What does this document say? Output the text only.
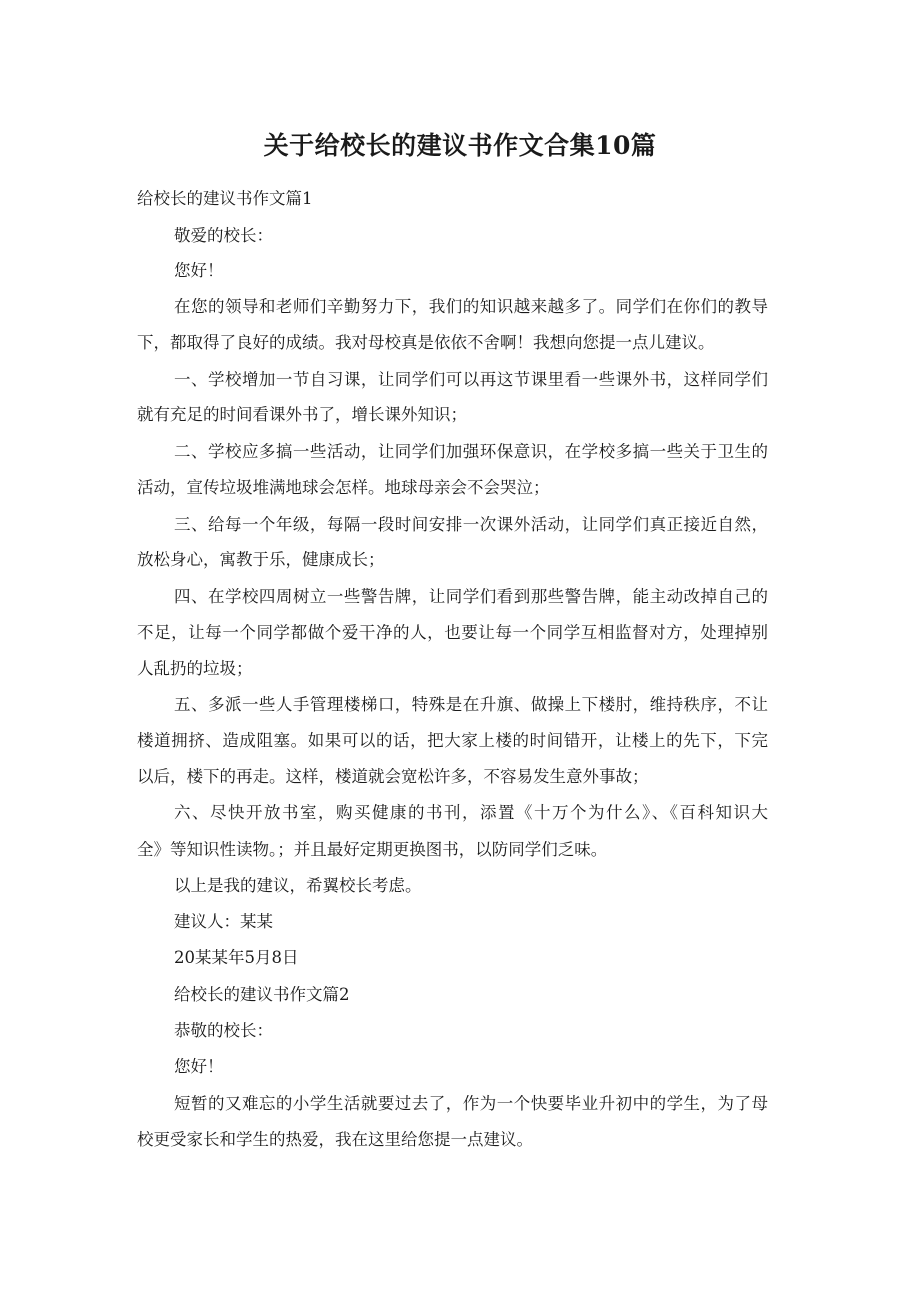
关于给校长的建议书作文合集10篇
给校长的建议书作文篇1
敬爱的校长：
您好！
在您的领导和老师们辛勤努力下，我们的知识越来越多了。同学们在你们的教导
下，都取得了良好的成绩。我对母校真是依依不舍啊！我想向您提一点儿建议。
一、学校增加一节自习课，让同学们可以再这节课里看一些课外书，这样同学们
就有充足的时间看课外书了，增长课外知识；
二、学校应多搞一些活动，让同学们加强环保意识，在学校多搞一些关于卫生的
活动，宣传垃圾堆满地球会怎样。地球母亲会不会哭泣；
三、给每一个年级，每隔一段时间安排一次课外活动，让同学们真正接近自然，
放松身心，寓教于乐，健康成长；
四、在学校四周树立一些警告牌，让同学们看到那些警告牌，能主动改掉自己的
不足，让每一个同学都做个爱干净的人，也要让每一个同学互相监督对方，处理掉别
人乱扔的垃圾；
五、多派一些人手管理楼梯口，特殊是在升旗、做操上下楼肘，维持秩序，不让
楼道拥挤、造成阻塞。如果可以的话，把大家上楼的时间错开，让楼上的先下，下完
以后，楼下的再走。这样，楼道就会宽松许多，不容易发生意外事故；
六、尽快开放书室，购买健康的书刊，添置《十万个为什么》、《百科知识大
全》等知识性读物。；并且最好定期更换图书，以防同学们乏味。
以上是我的建议，希翼校长考虑。
建议人：某某
20某某年5月8日
给校长的建议书作文篇2
恭敬的校长：
您好！
短暂的又难忘的小学生活就要过去了，作为一个快要毕业升初中的学生，为了母
校更受家长和学生的热爱，我在这里给您提一点建议。
